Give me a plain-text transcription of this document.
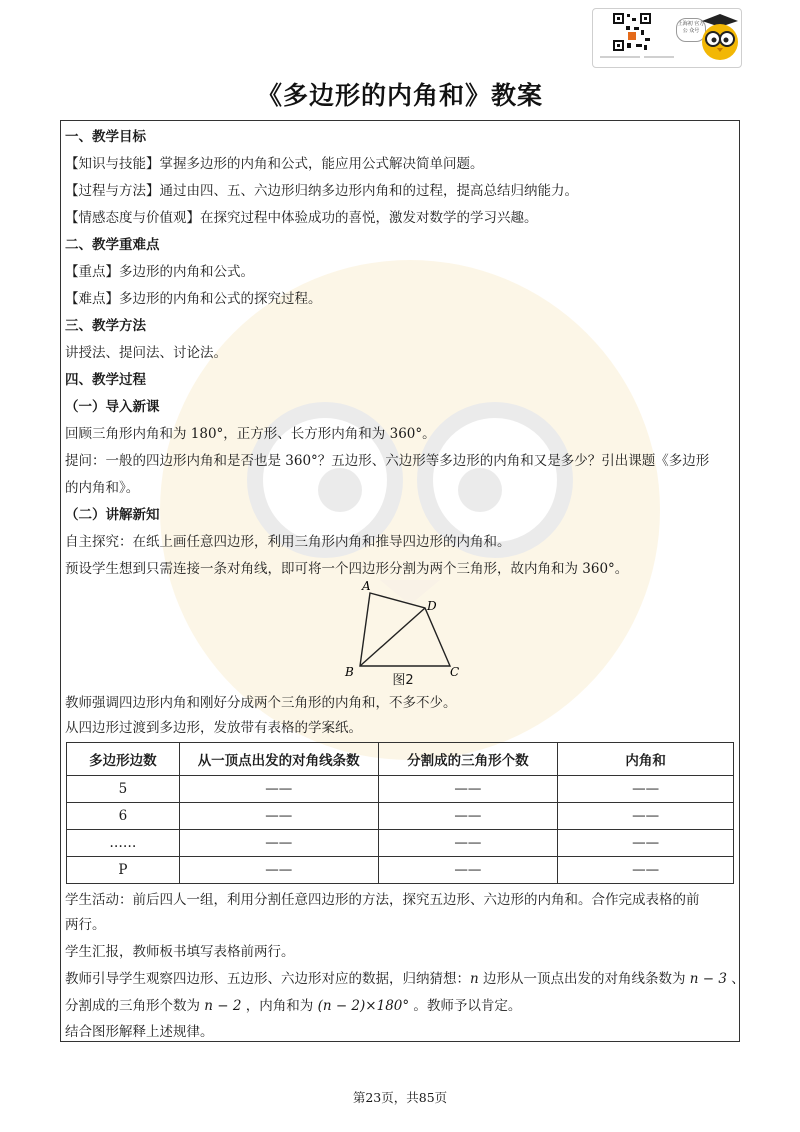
上海初 官方公 众号
《多边形的内角和》教案
一、教学目标
【知识与技能】掌握多边形的内角和公式，能应用公式解决简单问题。
【过程与方法】通过由四、五、六边形归纳多边形内角和的过程，提高总结归纳能力。
【情感态度与价值观】在探究过程中体验成功的喜悦，激发对数学的学习兴趣。
二、教学重难点
【重点】多边形的内角和公式。
【难点】多边形的内角和公式的探究过程。
三、教学方法
讲授法、提问法、讨论法。
四、教学过程
（一）导入新课
回顾三角形内角和为 180°，正方形、长方形内角和为 360°。
提问：一般的四边形内角和是否也是 360°？五边形、六边形等多边形的内角和又是多少？引出课题《多边形
的内角和》。
（二）讲解新知
自主探究：在纸上画任意四边形，利用三角形内角和推导四边形的内角和。
预设学生想到只需连接一条对角线，即可将一个四边形分割为两个三角形，故内角和为 360°。
A
D
B	C
图2
教师强调四边形内角和刚好分成两个三角形的内角和，不多不少。
从四边形过渡到多边形，发放带有表格的学案纸。
多边形边数	从一顶点出发的对角线条数	分割成的三角形个数	内角和
5	——	——	——
6	——	——	——
……	——	——	——
P	——	——	——
学生活动：前后四人一组，利用分割任意四边形的方法，探究五边形、六边形的内角和。合作完成表格的前
两行。
学生汇报，教师板书填写表格前两行。
教师引导学生观察四边形、五边形、六边形对应的数据，归纳猜想：n 边形从一顶点出发的对角线条数为 n − 3 、
分割成的三角形个数为 n − 2 ，内角和为 (n − 2)×180° 。教师予以肯定。
结合图形解释上述规律。
第23页，共85页
